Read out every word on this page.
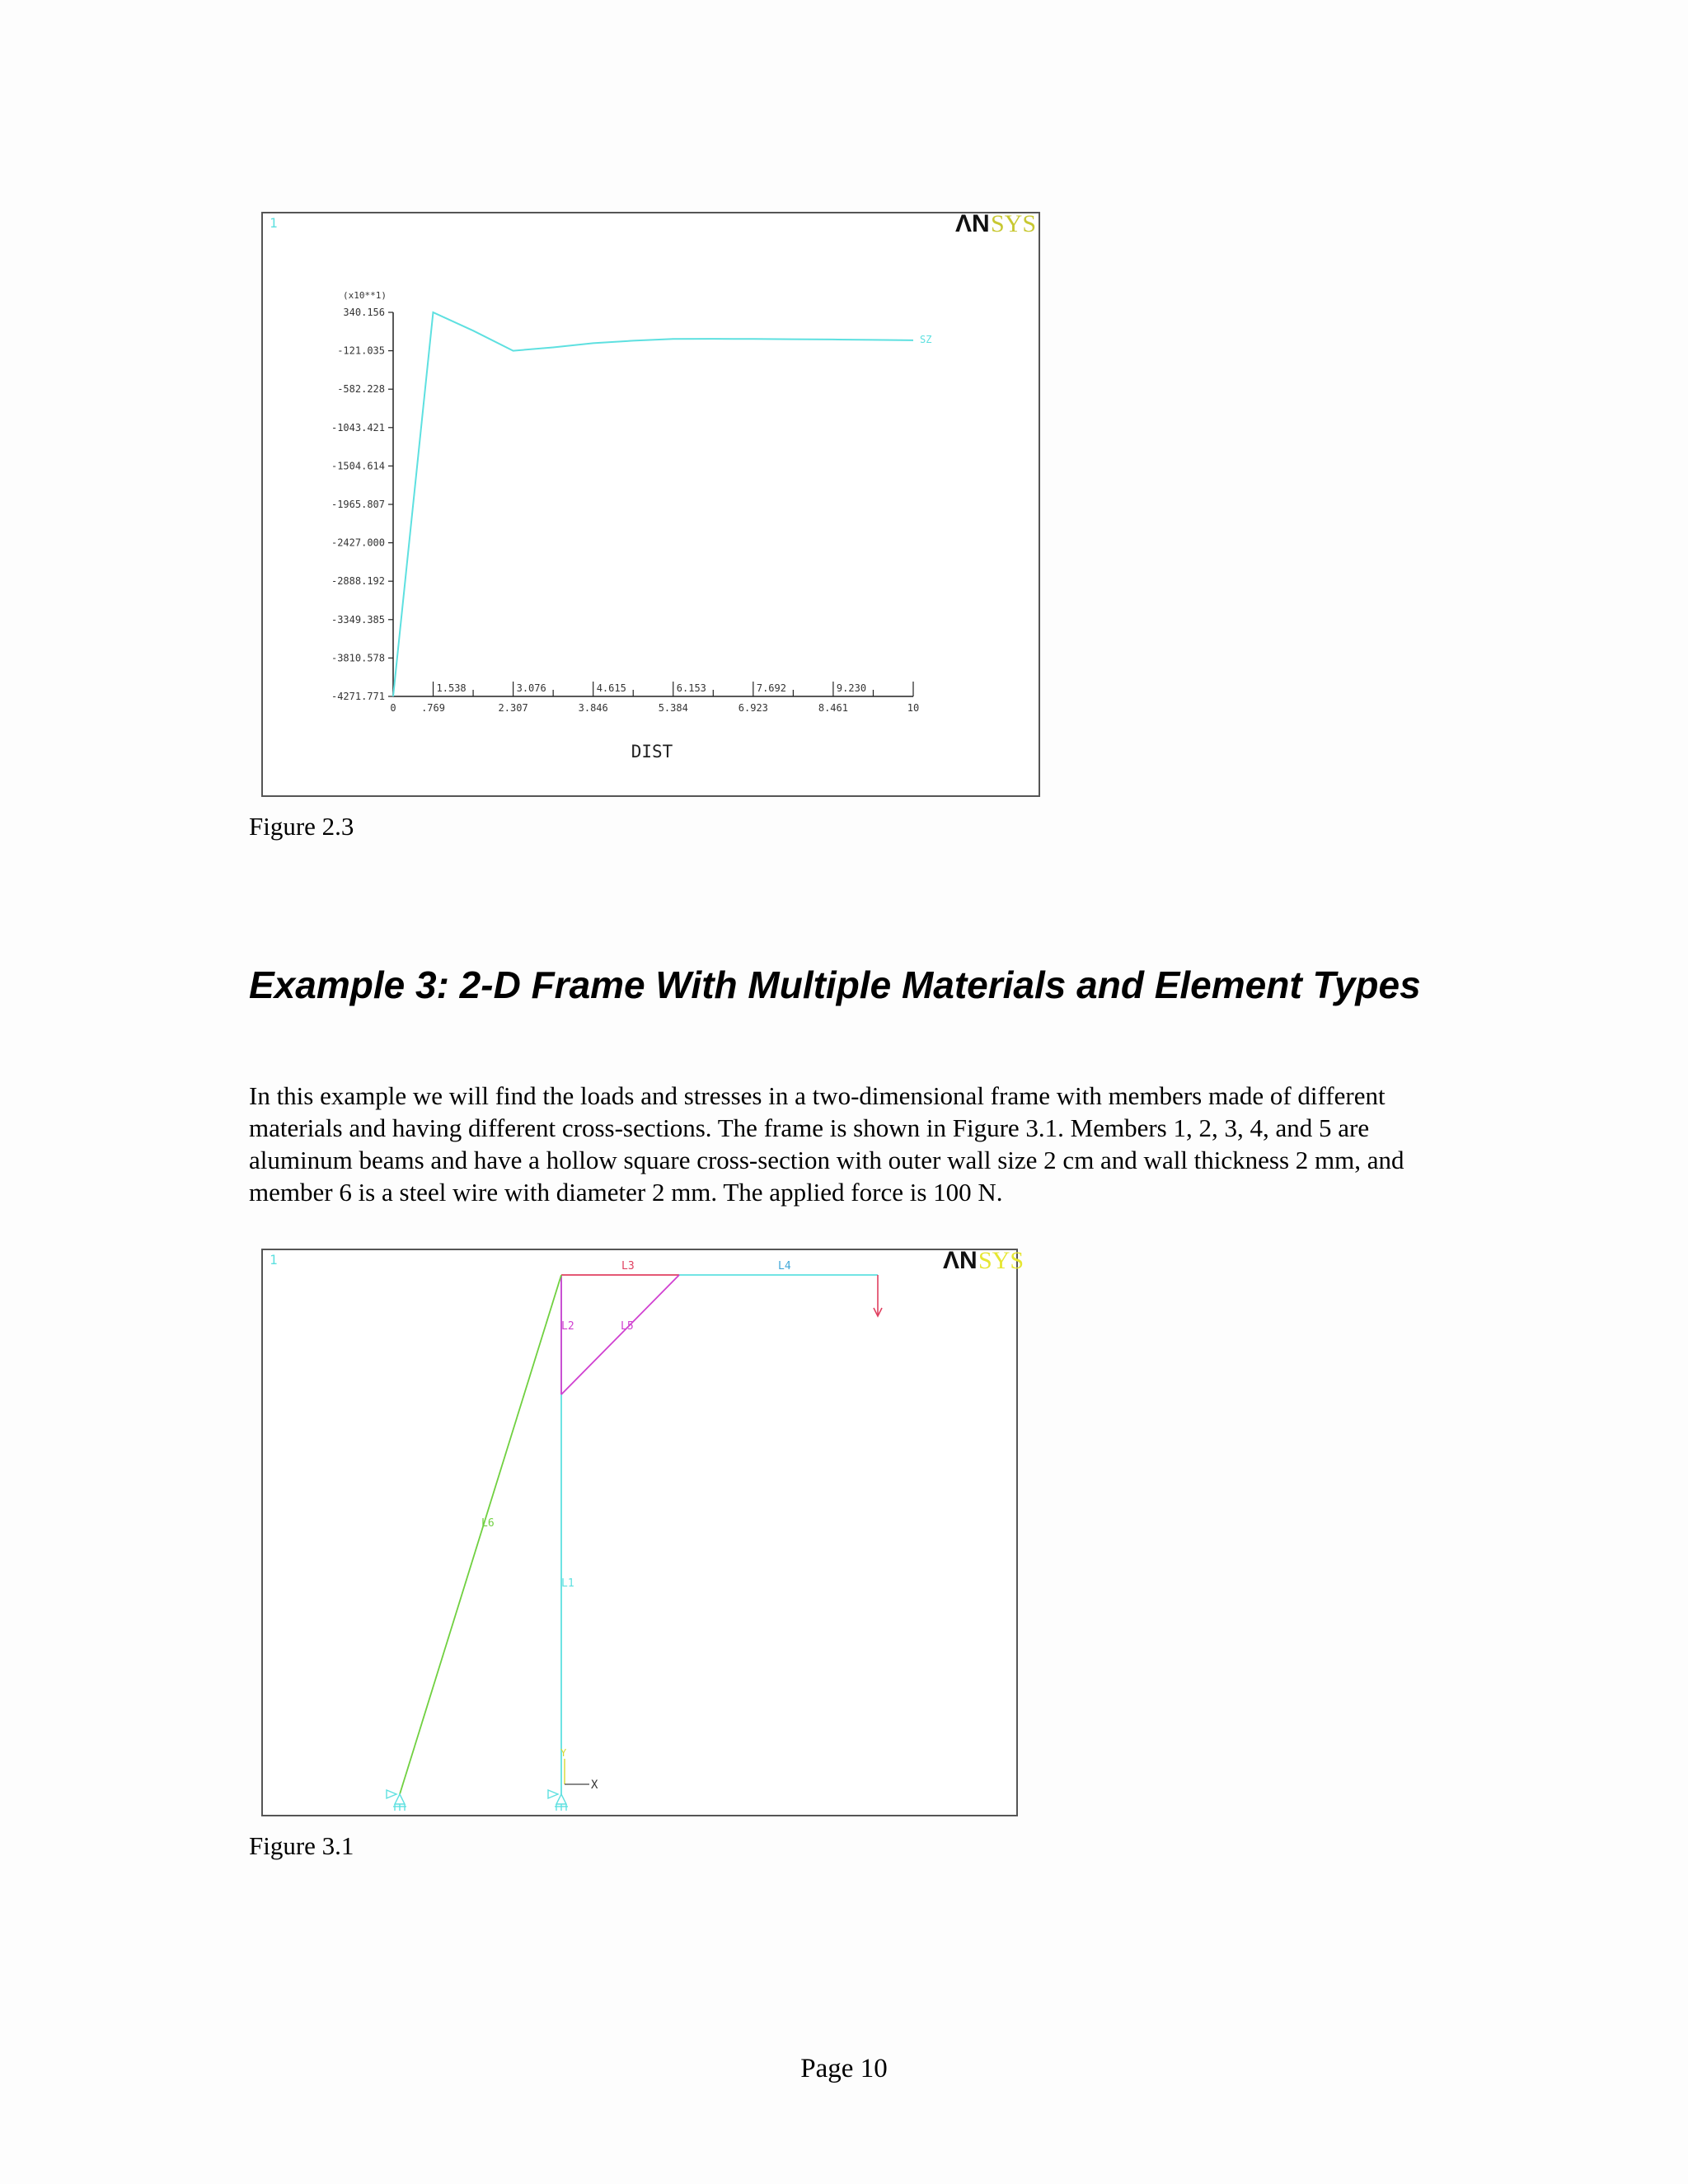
1	ΛN SYS
(x10**1)
340.156
-121.035
-582.228
-1043.421
-1504.614
-1965.807
-2427.000
-2888.192
-3349.385
-3810.578
-4271.771
1.538	3.076	4.615	6.153	7.692	9.230
0	.769	2.307	3.846	5.384	6.923	8.461	10
SZ
DIST
Figure 2.3
Example 3: 2-D Frame With Multiple Materials and Element Types

In this example we will find the loads and stresses in a two-dimensional frame with members made of different materials and having different cross-sections. The frame is shown in Figure 3.1. Members 1, 2, 3, 4, and 5 are aluminum beams and have a hollow square cross-section with outer wall size 2 cm and wall thickness 2 mm, and member 6 is a steel wire with diameter 2 mm. The applied force is 100 N.

1	ΛN SYS
L3	L4
L2	L5
L6
L1
Y
X
Figure 3.1
Page 10
